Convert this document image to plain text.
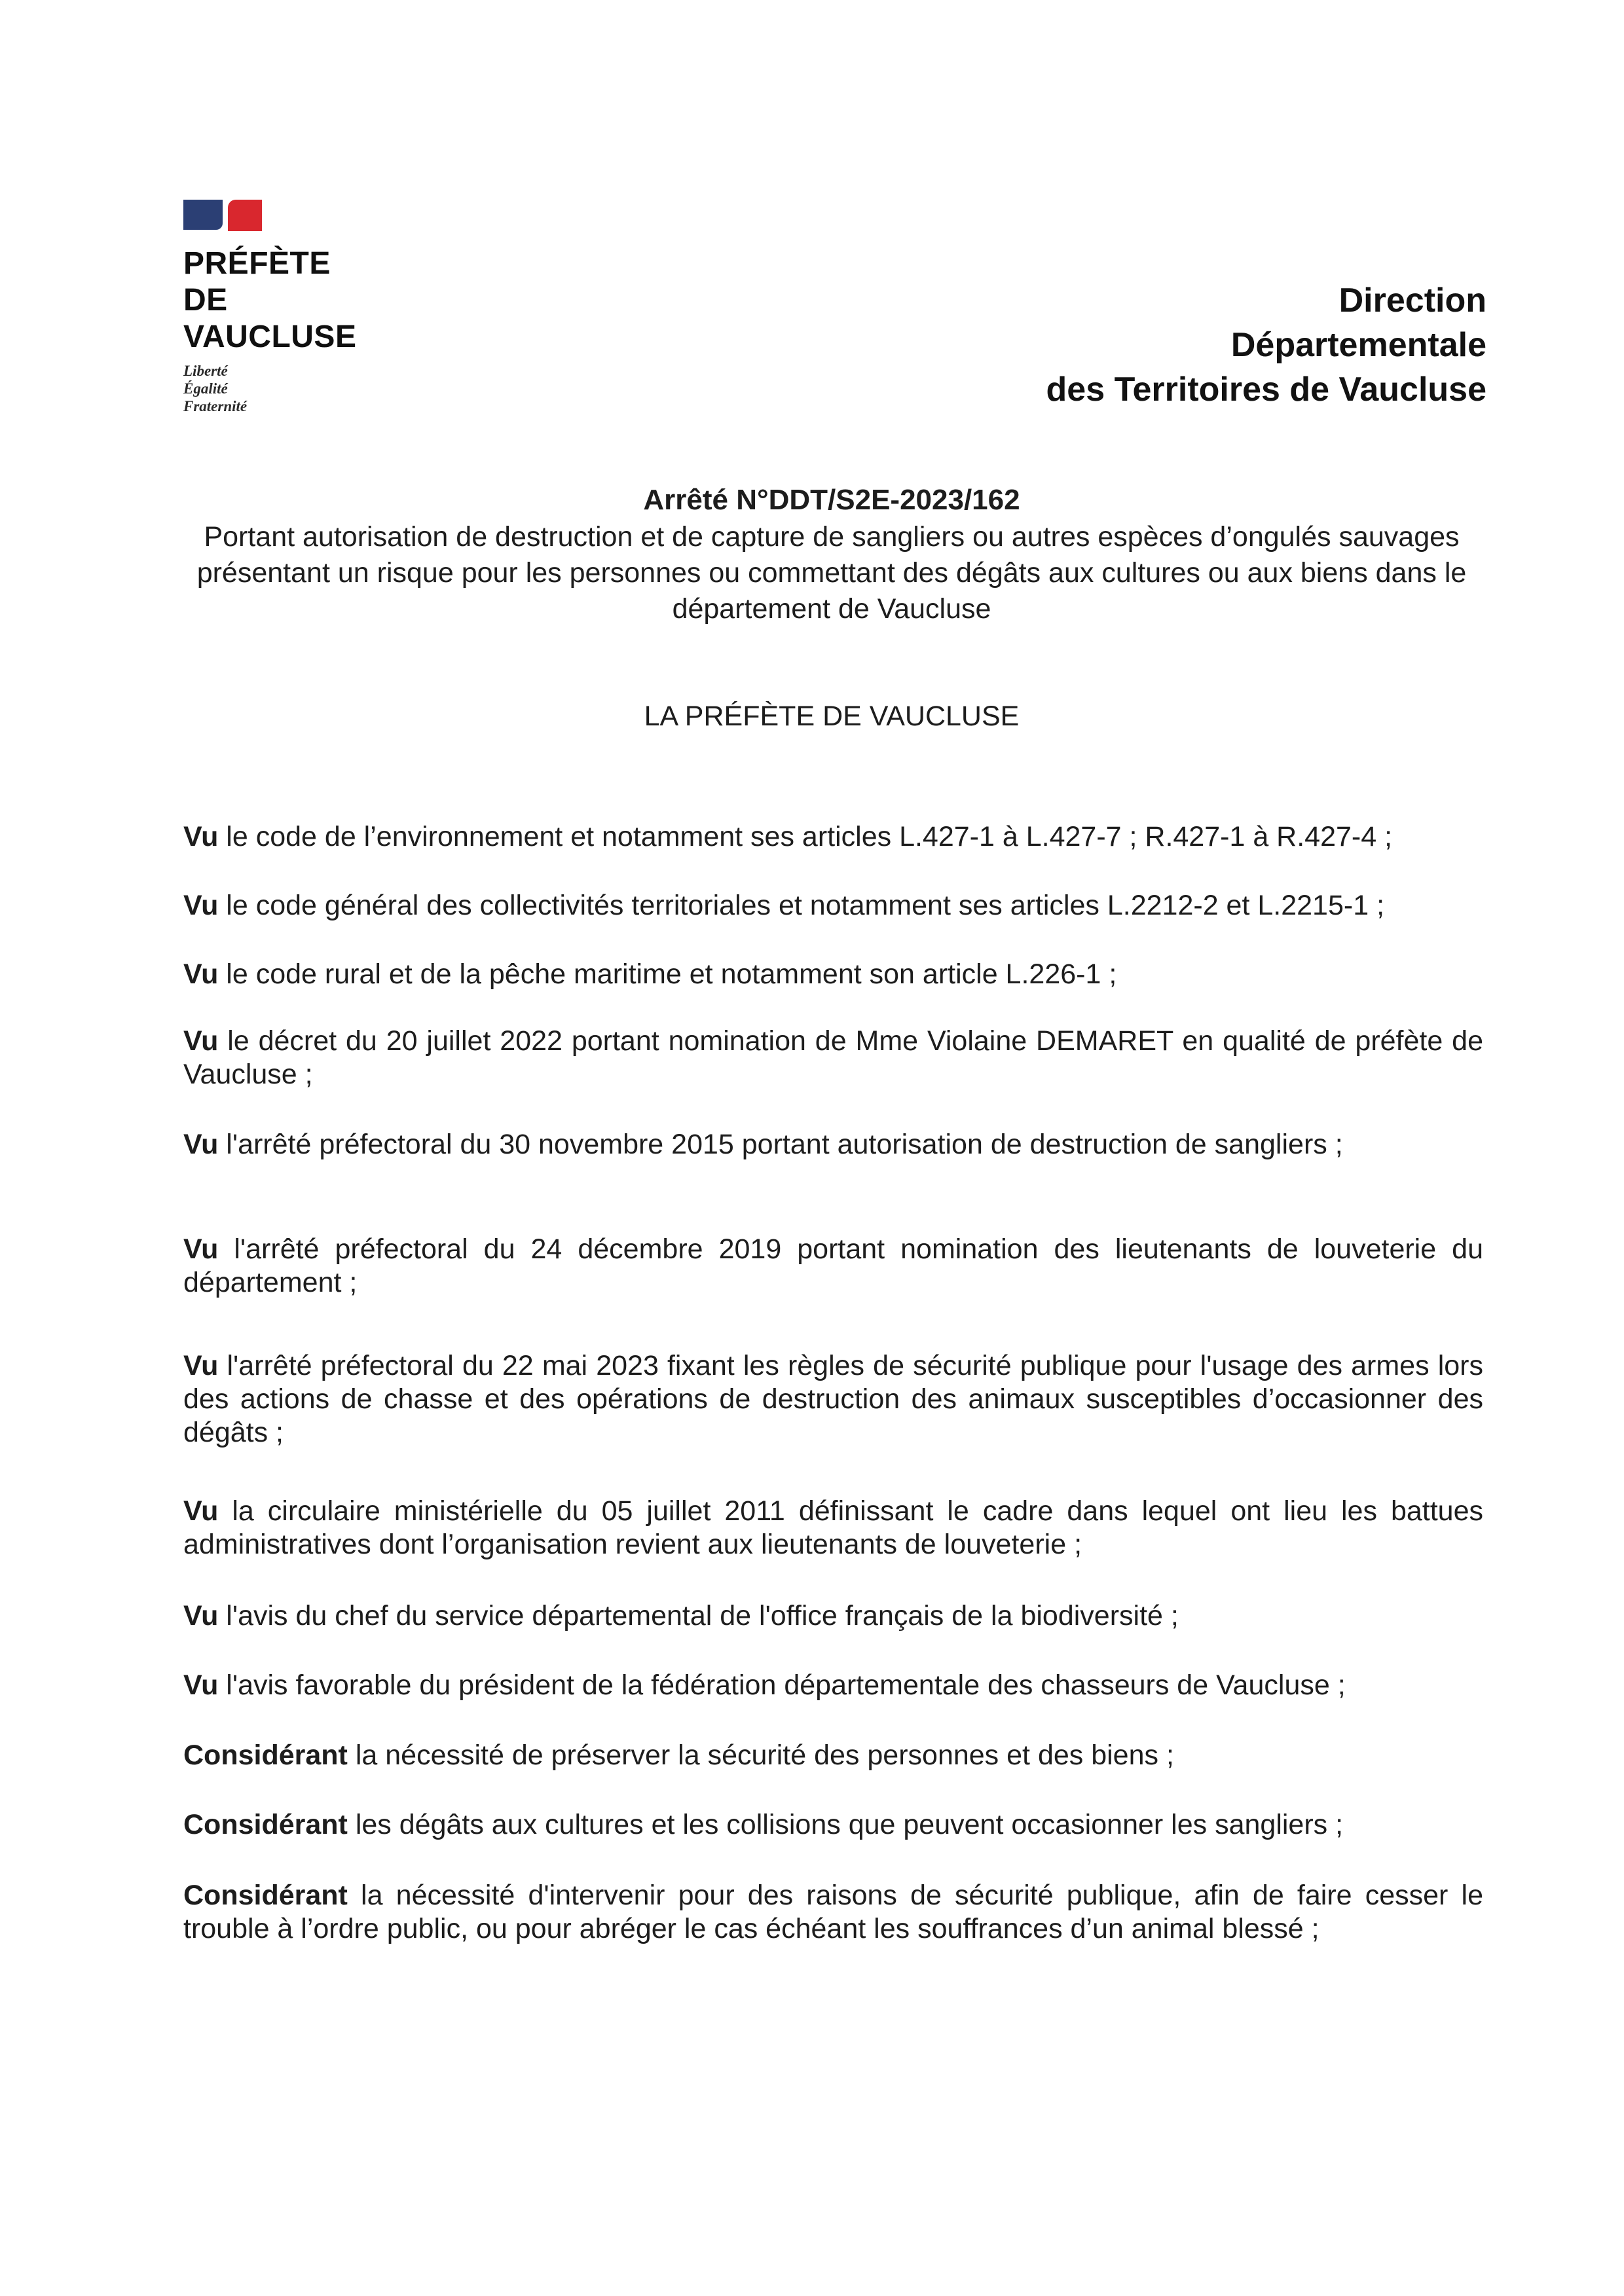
PRÉFÈTE
DE VAUCLUSE
Liberté
Égalité
Fraternité
Direction
Départementale
des Territoires de Vaucluse
Arrêté N°DDT/S2E-2023/162
Portant autorisation de destruction et de capture de sangliers ou autres espèces d’ongulés sauvages présentant un risque pour les personnes ou commettant des dégâts aux cultures ou aux biens dans le département de Vaucluse
LA PRÉFÈTE DE VAUCLUSE

Vu le code de l’environnement et notamment ses articles L.427-1 à L.427-7 ; R.427-1 à R.427-4 ;

Vu le code général des collectivités territoriales et notamment ses articles L.2212-2 et L.2215-1 ;

Vu le code rural et de la pêche maritime et notamment son article L.226-1 ;

Vu le décret du 20 juillet 2022 portant nomination de Mme Violaine DEMARET en qualité de préfète de Vaucluse ;

Vu l'arrêté préfectoral du 30 novembre 2015 portant autorisation de destruction de sangliers ;

Vu l'arrêté préfectoral du 24 décembre 2019 portant nomination des lieutenants de louveterie du département ;

Vu l'arrêté préfectoral du 22 mai 2023 fixant les règles de sécurité publique pour l'usage des armes lors des actions de chasse et des opérations de destruction des animaux susceptibles d’occasionner des dégâts ;

Vu la circulaire ministérielle du 05 juillet 2011 définissant le cadre dans lequel ont lieu les battues administratives dont l’organisation revient aux lieutenants de louveterie ;

Vu l'avis du chef du service départemental de l'office français de la biodiversité ;

Vu l'avis favorable du président de la fédération départementale des chasseurs de Vaucluse ;

Considérant la nécessité de préserver la sécurité des personnes et des biens ;

Considérant les dégâts aux cultures et les collisions que peuvent occasionner les sangliers ;

Considérant la nécessité d'intervenir pour des raisons de sécurité publique, afin de faire cesser le trouble à l’ordre public, ou pour abréger le cas échéant les souffrances d’un animal blessé ;
